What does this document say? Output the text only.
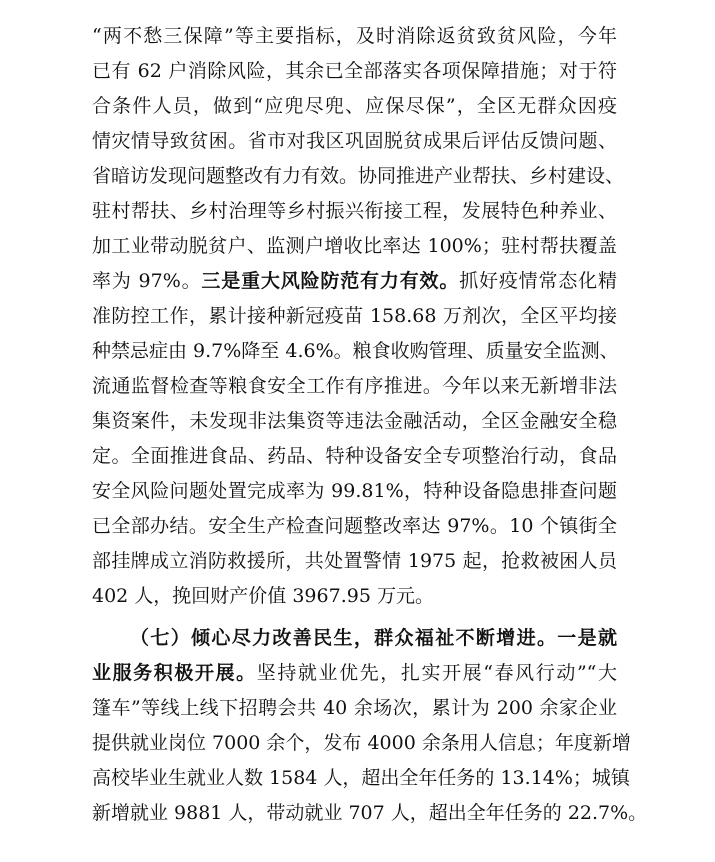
“两不愁三保障”等主要指标，及时消除返贫致贫风险，今年
已有 62 户消除风险，其余已全部落实各项保障措施；对于符
合条件人员，做到“应兜尽兜、应保尽保”，全区无群众因疫
情灾情导致贫困。省市对我区巩固脱贫成果后评估反馈问题、
省暗访发现问题整改有力有效。协同推进产业帮扶、乡村建设、
驻村帮扶、乡村治理等乡村振兴衔接工程，发展特色种养业、
加工业带动脱贫户、监测户增收比率达 100%；驻村帮扶覆盖
率为 97%。三是重大风险防范有力有效。抓好疫情常态化精
准防控工作，累计接种新冠疫苗 158.68 万剂次，全区平均接
种禁忌症由 9.7%降至 4.6%。粮食收购管理、质量安全监测、
流通监督检查等粮食安全工作有序推进。今年以来无新增非法
集资案件，未发现非法集资等违法金融活动，全区金融安全稳
定。全面推进食品、药品、特种设备安全专项整治行动，食品
安全风险问题处置完成率为 99.81%，特种设备隐患排查问题
已全部办结。安全生产检查问题整改率达 97%。10 个镇街全
部挂牌成立消防救援所，共处置警情 1975 起，抢救被困人员
402 人，挽回财产价值 3967.95 万元。
（七）倾心尽力改善民生，群众福祉不断增进。一是就
业服务积极开展。坚持就业优先，扎实开展“春风行动”“大
篷车”等线上线下招聘会共 40 余场次，累计为 200 余家企业
提供就业岗位 7000 余个，发布 4000 余条用人信息；年度新增
高校毕业生就业人数 1584 人，超出全年任务的 13.14%；城镇
新增就业 9881 人，带动就业 707 人，超出全年任务的 22.7%。
